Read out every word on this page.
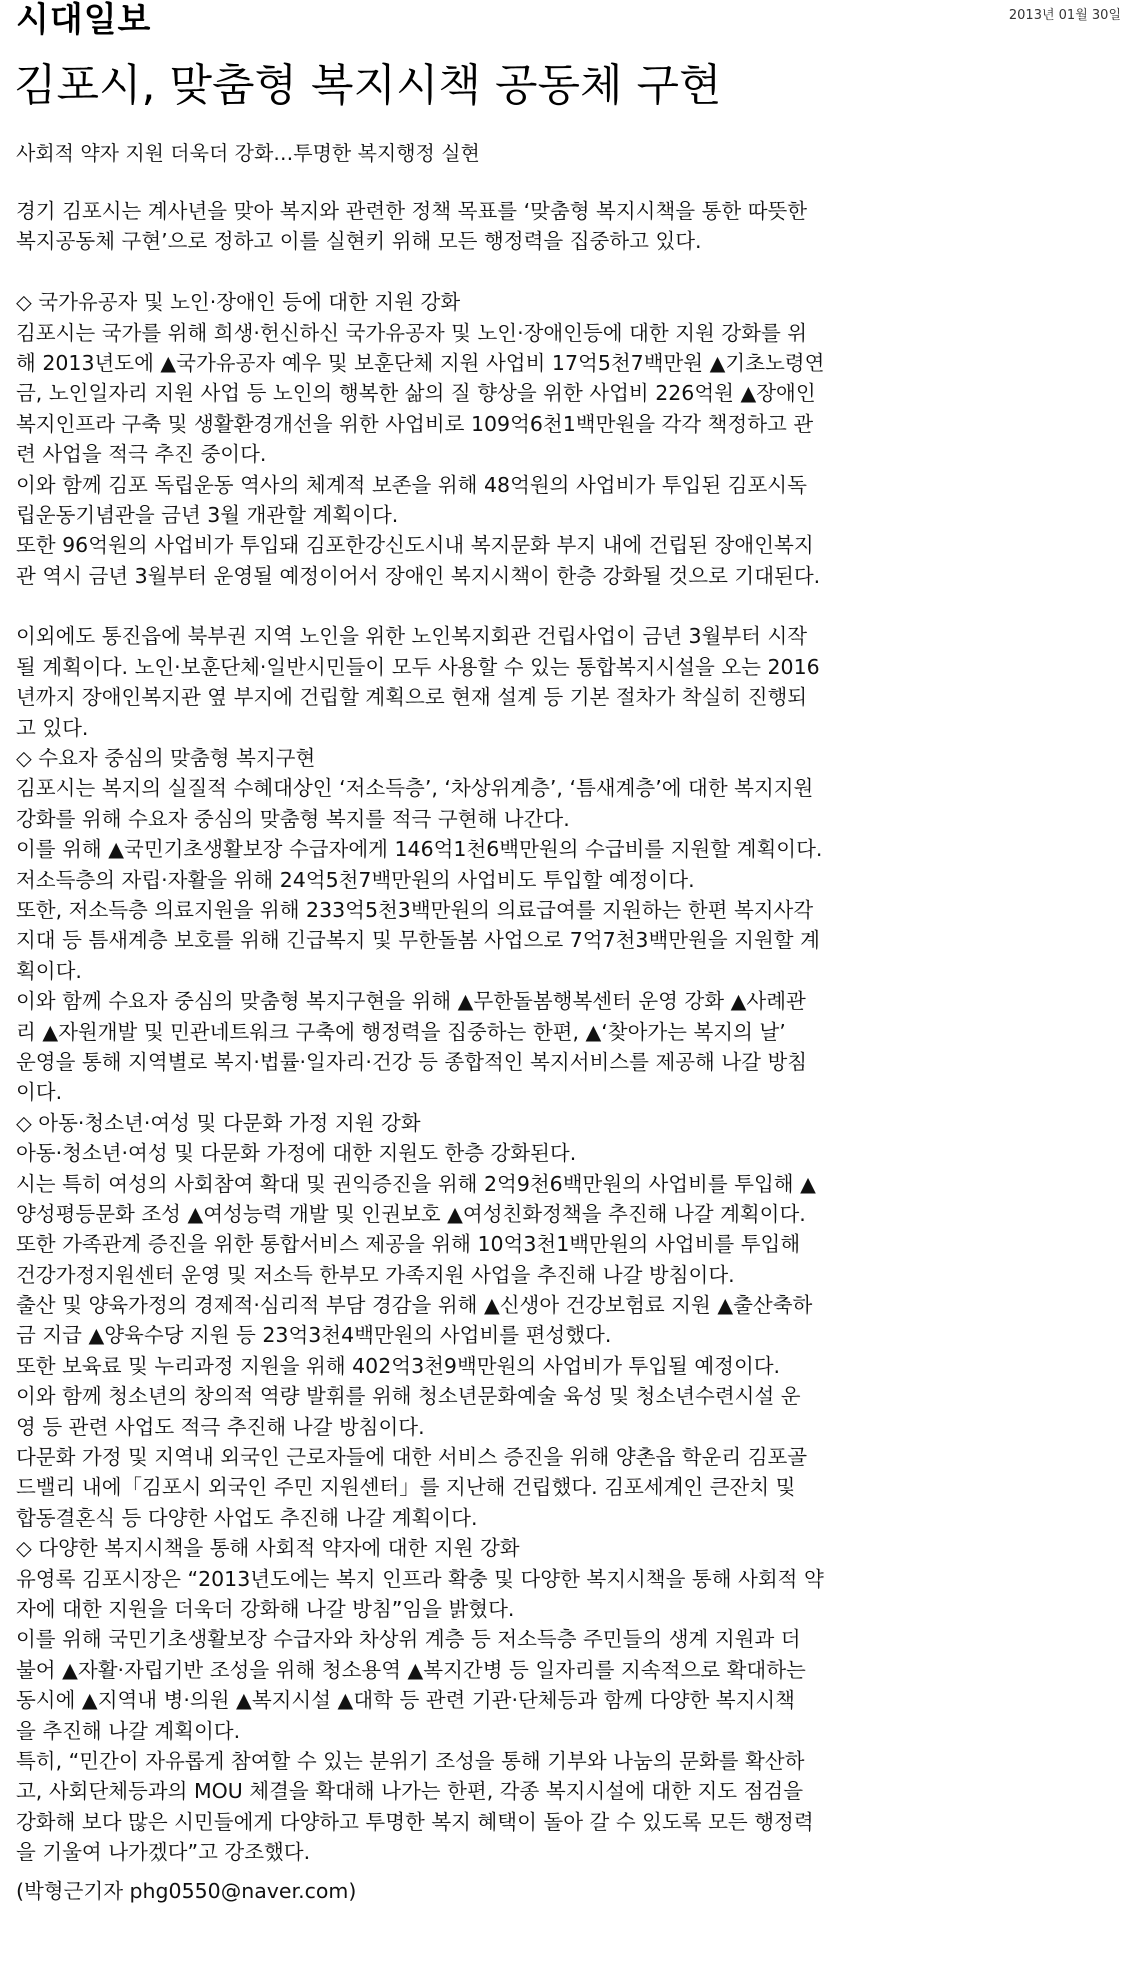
시대일보	2013년 01월 30일
김포시, 맞춤형 복지시책 공동체 구현
사회적 약자 지원 더욱더 강화…투명한 복지행정 실현
경기 김포시는 계사년을 맞아 복지와 관련한 정책 목표를 ‘맞춤형 복지시책을 통한 따뜻한
복지공동체 구현’으로 정하고 이를 실현키 위해 모든 행정력을 집중하고 있다.
◇ 국가유공자 및 노인·장애인 등에 대한 지원 강화
김포시는 국가를 위해 희생·헌신하신 국가유공자 및 노인·장애인등에 대한 지원 강화를 위
해 2013년도에 ▲국가유공자 예우 및 보훈단체 지원 사업비 17억5천7백만원 ▲기초노령연
금, 노인일자리 지원 사업 등 노인의 행복한 삶의 질 향상을 위한 사업비 226억원 ▲장애인
복지인프라 구축 및 생활환경개선을 위한 사업비로 109억6천1백만원을 각각 책정하고 관
련 사업을 적극 추진 중이다.
이와 함께 김포 독립운동 역사의 체계적 보존을 위해 48억원의 사업비가 투입된 김포시독
립운동기념관을 금년 3월 개관할 계획이다.
또한 96억원의 사업비가 투입돼 김포한강신도시내 복지문화 부지 내에 건립된 장애인복지
관 역시 금년 3월부터 운영될 예정이어서 장애인 복지시책이 한층 강화될 것으로 기대된다.
이외에도 통진읍에 북부권 지역 노인을 위한 노인복지회관 건립사업이 금년 3월부터 시작
될 계획이다. 노인·보훈단체·일반시민들이 모두 사용할 수 있는 통합복지시설을 오는 2016
년까지 장애인복지관 옆 부지에 건립할 계획으로 현재 설계 등 기본 절차가 착실히 진행되
고 있다.
◇ 수요자 중심의 맞춤형 복지구현
김포시는 복지의 실질적 수혜대상인 ‘저소득층’, ‘차상위계층’, ‘틈새계층’에 대한 복지지원
강화를 위해 수요자 중심의 맞춤형 복지를 적극 구현해 나간다.
이를 위해 ▲국민기초생활보장 수급자에게 146억1천6백만원의 수급비를 지원할 계획이다.
저소득층의 자립·자활을 위해 24억5천7백만원의 사업비도 투입할 예정이다.
또한, 저소득층 의료지원을 위해 233억5천3백만원의 의료급여를 지원하는 한편 복지사각
지대 등 틈새계층 보호를 위해 긴급복지 및 무한돌봄 사업으로 7억7천3백만원을 지원할 계
획이다.
이와 함께 수요자 중심의 맞춤형 복지구현을 위해 ▲무한돌봄행복센터 운영 강화 ▲사례관
리 ▲자원개발 및 민관네트워크 구축에 행정력을 집중하는 한편, ▲‘찾아가는 복지의 날’
운영을 통해 지역별로 복지·법률·일자리·건강 등 종합적인 복지서비스를 제공해 나갈 방침
이다.
◇ 아동·청소년·여성 및 다문화 가정 지원 강화
아동·청소년·여성 및 다문화 가정에 대한 지원도 한층 강화된다.
시는 특히 여성의 사회참여 확대 및 권익증진을 위해 2억9천6백만원의 사업비를 투입해 ▲
양성평등문화 조성 ▲여성능력 개발 및 인권보호 ▲여성친화정책을 추진해 나갈 계획이다.
또한 가족관계 증진을 위한 통합서비스 제공을 위해 10억3천1백만원의 사업비를 투입해
건강가정지원센터 운영 및 저소득 한부모 가족지원 사업을 추진해 나갈 방침이다.
출산 및 양육가정의 경제적·심리적 부담 경감을 위해 ▲신생아 건강보험료 지원 ▲출산축하
금 지급 ▲양육수당 지원 등 23억3천4백만원의 사업비를 편성했다.
또한 보육료 및 누리과정 지원을 위해 402억3천9백만원의 사업비가 투입될 예정이다.
이와 함께 청소년의 창의적 역량 발휘를 위해 청소년문화예술 육성 및 청소년수련시설 운
영 등 관련 사업도 적극 추진해 나갈 방침이다.
다문화 가정 및 지역내 외국인 근로자들에 대한 서비스 증진을 위해 양촌읍 학운리 김포골
드밸리 내에「김포시 외국인 주민 지원센터」를 지난해 건립했다. 김포세계인 큰잔치 및
합동결혼식 등 다양한 사업도 추진해 나갈 계획이다.
◇ 다양한 복지시책을 통해 사회적 약자에 대한 지원 강화
유영록 김포시장은 “2013년도에는 복지 인프라 확충 및 다양한 복지시책을 통해 사회적 약
자에 대한 지원을 더욱더 강화해 나갈 방침”임을 밝혔다.
이를 위해 국민기초생활보장 수급자와 차상위 계층 등 저소득층 주민들의 생계 지원과 더
불어 ▲자활·자립기반 조성을 위해 청소용역 ▲복지간병 등 일자리를 지속적으로 확대하는
동시에 ▲지역내 병·의원 ▲복지시설 ▲대학 등 관련 기관·단체등과 함께 다양한 복지시책
을 추진해 나갈 계획이다.
특히, “민간이 자유롭게 참여할 수 있는 분위기 조성을 통해 기부와 나눔의 문화를 확산하
고, 사회단체등과의 MOU 체결을 확대해 나가는 한편, 각종 복지시설에 대한 지도 점검을
강화해 보다 많은 시민들에게 다양하고 투명한 복지 혜택이 돌아 갈 수 있도록 모든 행정력
을 기울여 나가겠다”고 강조했다.
(박형근기자 phg0550@naver.com)
